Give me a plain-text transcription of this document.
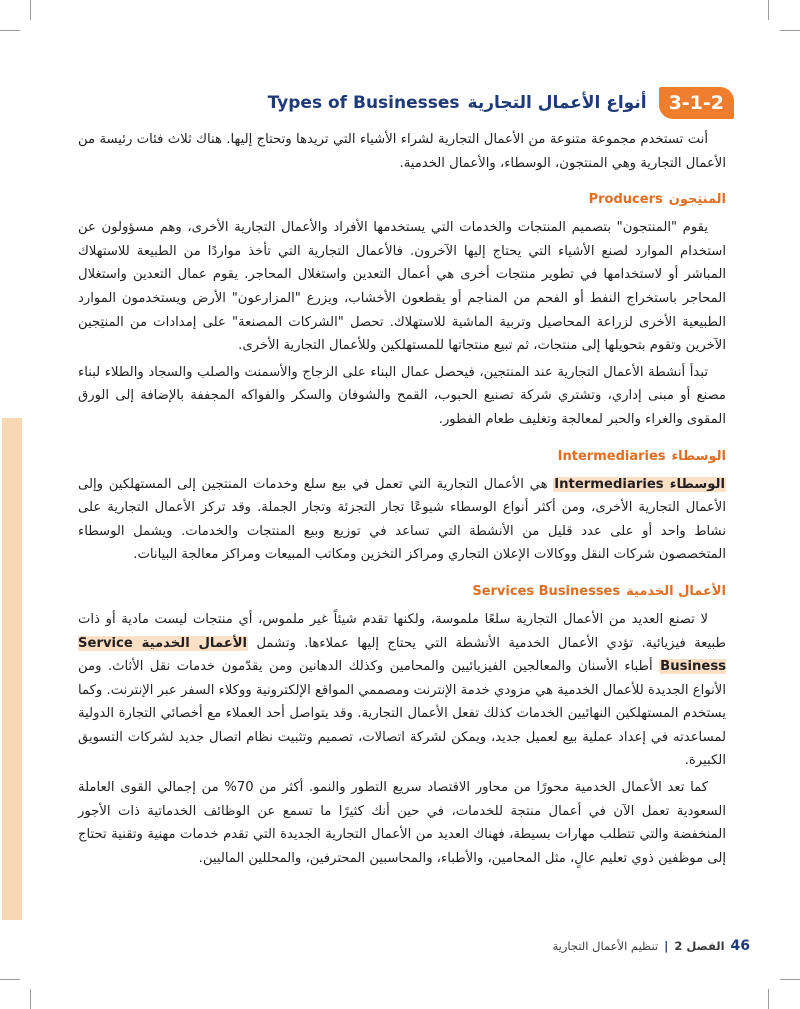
3-1-2
أنواع الأعمال التجارية
Types of Businesses

أنت تستخدم مجموعة متنوعة من الأعمال التجارية لشراء الأشياء التي تريدها وتحتاج إليها. هناك ثلاث فئات رئيسة من الأعمال التجارية وهي المنتجون، الوسطاء، والأعمال الخدمية.

المنتِجون
Producers

يقوم "المنتجون" بتصميم المنتجات والخدمات التي يستخدمها الأفراد والأعمال التجارية الأخرى، وهم مسؤولون عن استخدام الموارد لصنع الأشياء التي يحتاج إليها الآخرون. فالأعمال التجارية التي تأخذ مواردًا من الطبيعة للاستهلاك المباشر أو لاستخدامها في تطوير منتجات أخرى هي أعمال التعدين واستغلال المحاجر. يقوم عمال التعدين واستغلال المحاجر باستخراج النفط أو الفحم من المناجم أو يقطعون الأخشاب، ويزرع "المزارعون" الأرض ويستخدمون الموارد الطبيعية الأخرى لزراعة المحاصيل وتربية الماشية للاستهلاك. تحصل "الشركات المصنعة" على إمدادات من المنتِجين الآخرين وتقوم بتحويلها إلى منتجات، ثم تبيع منتجاتها للمستهلكين وللأعمال التجارية الأخرى.

تبدأ أنشطة الأعمال التجارية عند المنتجين، فيحصل عمال البناء على الزجاج والأسمنت والصلب والسجاد والطلاء لبناء مصنع أو مبنى إداري، وتشتري شركة تصنيع الحبوب، القمح والشوفان والسكر والفواكه المجففة بالإضافة إلى الورق المقوى والغراء والحبر لمعالجة وتغليف طعام الفطور.

الوسطاء
Intermediaries

الوسطاء Intermediaries هي الأعمال التجارية التي تعمل في بيع سلع وخدمات المنتجين إلى المستهلكين وإلى الأعمال التجارية الأخرى، ومن أكثر أنواع الوسطاء شيوعًا تجار التجزئة وتجار الجملة. وقد تركز الأعمال التجارية على نشاط واحد أو على عدد قليل من الأنشطة التي تساعد في توزيع وبيع المنتجات والخدمات. ويشمل الوسطاء المتخصصون شركات النقل ووكالات الإعلان التجاري ومراكز التخزين ومكاتب المبيعات ومراكز معالجة البيانات.

الأعمال الخدمية
Services Businesses

لا تصنع العديد من الأعمال التجارية سلعًا ملموسة، ولكنها تقدم شيئاً غير ملموس، أي منتجات ليست مادية أو ذات طبيعة فيزيائية. تؤدي الأعمال الخدمية الأنشطة التي يحتاج إليها عملاءها. وتشمل الأعمال الخدمية Service Business أطباء الأسنان والمعالجين الفيزيائيين والمحامين وكذلك الدهانين ومن يقدّمون خدمات نقل الأثاث. ومن الأنواع الجديدة للأعمال الخدمية هي مزودي خدمة الإنترنت ومصممي المواقع الإلكترونية ووكلاء السفر عبر الإنترنت. وكما يستخدم المستهلكين النهائيين الخدمات كذلك تفعل الأعمال التجارية. وقد يتواصل أحد العملاء مع أخصائي التجارة الدولية لمساعدته في إعداد عملية بيع لعميل جديد، ويمكن لشركة اتصالات، تصميم وتثبيت نظام اتصال جديد لشركات التسويق الكبيرة.

كما تعد الأعمال الخدمية محورًا من محاور الاقتصاد سريع التطور والنمو. أكثر من 70% من إجمالي القوى العاملة السعودية تعمل الآن في أعمال منتجة للخدمات، في حين أنك كثيرًا ما تسمع عن الوظائف الخدماتية ذات الأجور المنخفضة والتي تتطلب مهارات بسيطة، فهناك العديد من الأعمال التجارية الجديدة التي تقدم خدمات مهنية وتقنية تحتاج إلى موظفين ذوي تعليم عالٍ، مثل المحامين، والأطباء، والمحاسبين المحترفين، والمحللين الماليين.

46
الفصل 2
|
تنظيم الأعمال التجارية
